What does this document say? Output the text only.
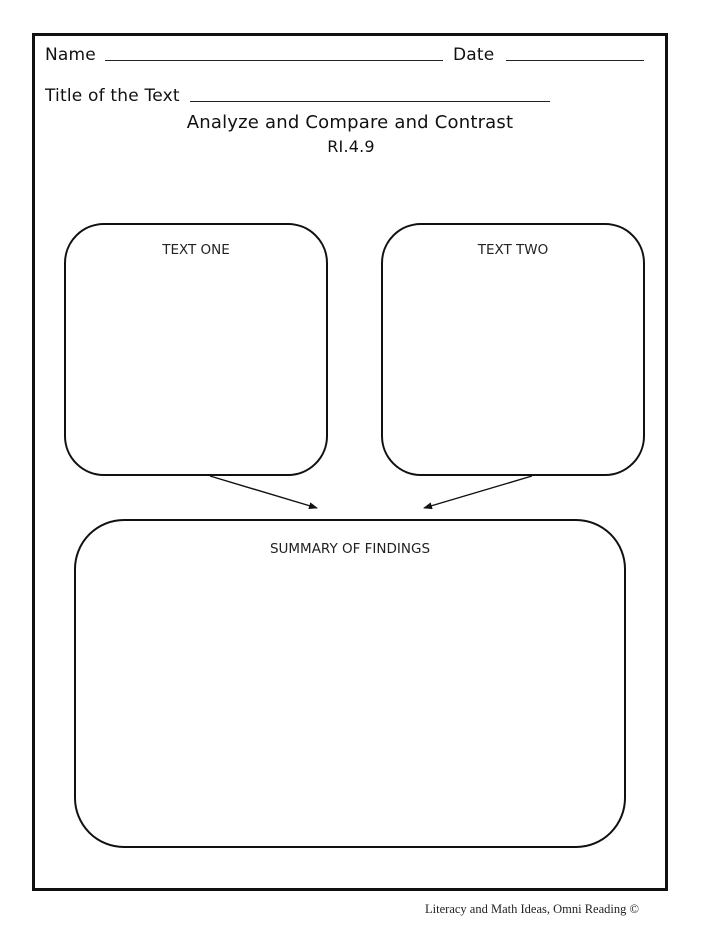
Name	Date
Title of the Text
Analyze and Compare and Contrast
RI.4.9
TEXT ONE	TEXT TWO
SUMMARY OF FINDINGS
Literacy and Math Ideas, Omni Reading ©
